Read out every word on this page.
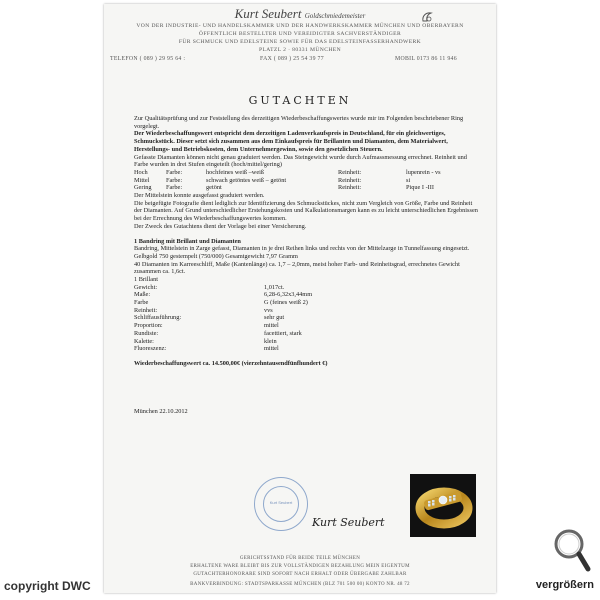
Kurt Seubert Goldschmiedemeister
VON DER INDUSTRIE- UND HANDELSKAMMER UND DER HANDWERKSKAMMER MÜNCHEN UND OBERBAYERN
ÖFFENTLICH BESTELLTER UND VEREIDIGTER SACHVERSTÄNDIGER
FÜR SCHMUCK UND EDELSTEINE SOWIE FÜR DAS EDELSTEINFASSERHANDWERK
PLATZL 2 · 80331 MÜNCHEN
TELEFON ( 089 ) 29 95 64 :	FAX ( 089 ) 25 54 39 77	MOBIL 0173 86 11 946
GUTACHTEN

Zur Qualitätsprüfung und zur Feststellung des derzeitigen Wiederbeschaffungswertes wurde mir im Folgenden beschriebener Ring vorgelegt.

Der Wiederbeschaffungswert entspricht dem derzeitigen Ladenverkaufspreis in Deutschland, für ein gleichwertiges, Schmuckstück. Dieser setzt sich zusammen aus dem Einkaufspreis für Brillanten und Diamanten, dem Materialwert, Herstellungs- und Betriebskosten, dem Unternehmergewinn, sowie den gesetzlichen Steuern.

Gefasste Diamanten können nicht genau graduiert werden. Das Steingewicht wurde durch Aufmassmessung errechnet. Reinheit und Farbe wurden in drei Stufen eingeteilt (hoch/mittel/gering)

Hoch	Farbe:	hochfeines weiß –weiß	Reinheit:	lupenrein - vs
Mittel	Farbe:	schwach getöntes weiß – getönt	Reinheit:	si
Gering Farbe:	getönt	Reinheit:	Pique I -III

Der Mittelstein konnte ausgefasst graduiert werden.

Die beigefügte Fotografie dient lediglich zur Identifizierung des Schmuckstückes, nicht zum Vergleich von Größe, Farbe und Reinheit der Diamanten. Auf Grund unterschiedlicher Erstehungskosten und Kalkulationsmargen kann es zu leicht unterschiedlichen Ergebnissen bei der Errechnung des Wiederbeschaffungswertes kommen.

Der Zweck des Gutachtens dient der Vorlage bei einer Versicherung.

1 Bandring mit Brillant und Diamanten

Bandring, Mittelstein in Zarge gefasst, Diamanten in je drei Reihen links und rechts von der Mittelzarge in Tunnelfassung eingesetzt.

Gelbgold 750 gestempelt (750/000) Gesamtgewicht 7,97 Gramm

40 Diamanten im Karreeschliff, Maße (Kantenlänge) ca. 1,7 – 2,0mm, meist hoher Farb- und Reinheitsgrad, errechnetes Gewicht zusammen ca. 1,6ct.

1 Brillant

Gewicht:	1,017ct.
Maße:	6,28-6,32x3,44mm
Farbe	G (feines weiß 2)
Reinheit:	vvs
Schliffausführung:	sehr gut
Proportion:	mittel
Rundiste:	facettiert, stark
Kalette:	klein
Fluoreszenz:	mittel

Wiederbeschaffungswert ca. 14.500,00€ (vierzehntausendfünfhundert €)

München 22.10.2012

Kurt Seubert
Kurt Seubert
GERICHTSSTAND FÜR BEIDE TEILE MÜNCHEN
ERHALTENE WARE BLEIBT BIS ZUR VOLLSTÄNDIGEN BEZAHLUNG MEIN EIGENTUM
GUTACHTERHONORARE SIND SOFORT NACH ERHALT ODER ÜBERGABE ZAHLBAR
BANKVERBINDUNG: STADTSPARKASSE MÜNCHEN (BLZ 701 500 00) KONTO NR. 48 72
copyright DWC	vergrößern
